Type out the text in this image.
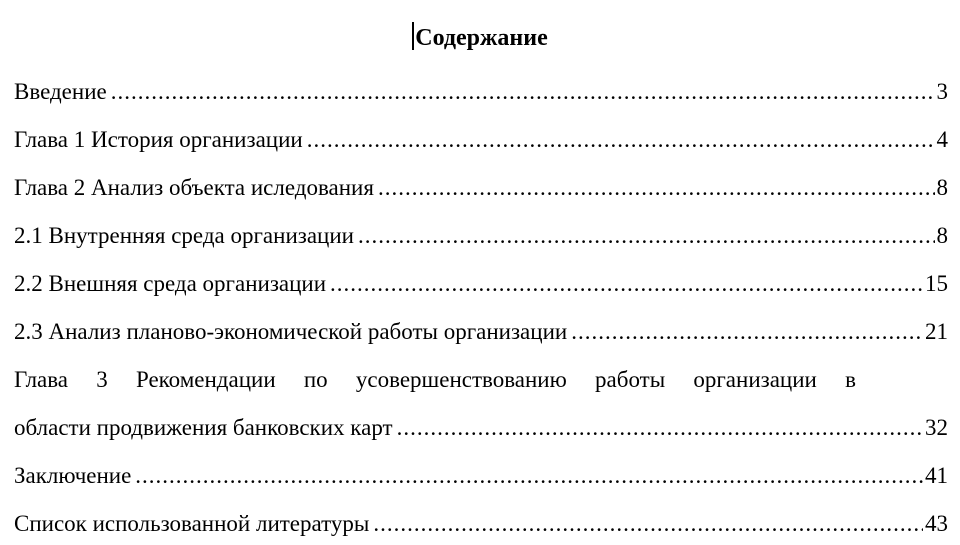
Содержание
Введение .....	3
Глава 1 История организации .....	4
Глава 2 Анализ объекта иследования .....	8
2.1 Внутренняя среда организации .....	8
2.2 Внешняя среда организации .....	15
2.3 Анализ планово-экономической работы организации .....	21
Глава 3 Рекомендации по усовершенствованию работы организации в
области продвижения банковских карт .....	32
Заключение .....	41
Список использованной литературы .....	43
